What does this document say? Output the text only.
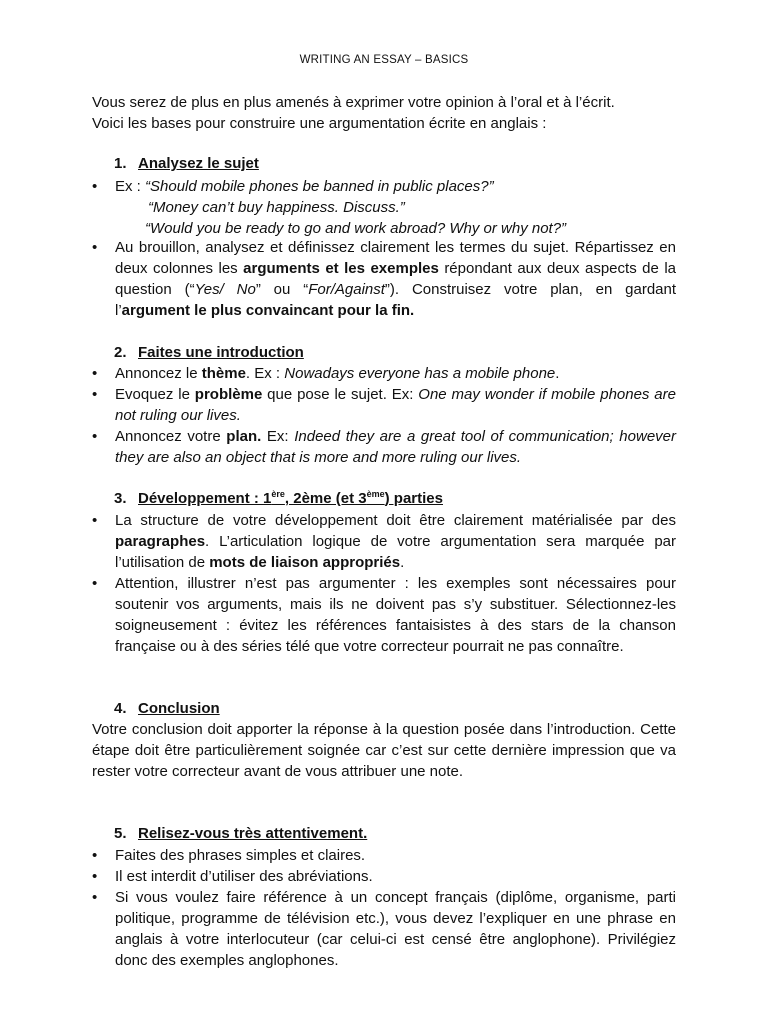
WRITING AN ESSAY – BASICS
Vous serez de plus en plus amenés à exprimer votre opinion à l’oral et à l’écrit.
Voici les bases pour construire une argumentation écrite en anglais :
1. Analysez le sujet
•	Ex : “Should mobile phones be banned in public places?”
“Money can’t buy happiness. Discuss.”
“Would you be ready to go and work abroad? Why or why not?”
•	Au brouillon, analysez et définissez clairement les termes du sujet. Répartissez en deux colonnes les arguments et les exemples répondant aux deux aspects de la question (“Yes/ No” ou “For/Against”). Construisez votre plan, en gardant l’argument le plus convaincant pour la fin.
2. Faites une introduction
•	Annoncez le thème. Ex : Nowadays everyone has a mobile phone.
•	Evoquez le problème que pose le sujet. Ex: One may wonder if mobile phones are not ruling our lives.
•	Annoncez votre plan. Ex: Indeed they are a great tool of communication; however they are also an object that is more and more ruling our lives.
3. Développement : 1ère, 2ème (et 3ème) parties
•	La structure de votre développement doit être clairement matérialisée par des paragraphes. L’articulation logique de votre argumentation sera marquée par l’utilisation de mots de liaison appropriés.
•	Attention, illustrer n’est pas argumenter : les exemples sont nécessaires pour soutenir vos arguments, mais ils ne doivent pas s’y substituer. Sélectionnez-les soigneusement : évitez les références fantaisistes à des stars de la chanson française ou à des séries télé que votre correcteur pourrait ne pas connaître.
4. Conclusion
Votre conclusion doit apporter la réponse à la question posée dans l’introduction. Cette étape doit être particulièrement soignée car c’est sur cette dernière impression que va rester votre correcteur avant de vous attribuer une note.
5. Relisez-vous très attentivement.
•	Faites des phrases simples et claires.
•	Il est interdit d’utiliser des abréviations.
•	Si vous voulez faire référence à un concept français (diplôme, organisme, parti politique, programme de télévision etc.), vous devez l’expliquer en une phrase en anglais à votre interlocuteur (car celui-ci est censé être anglophone). Privilégiez donc des exemples anglophones.
